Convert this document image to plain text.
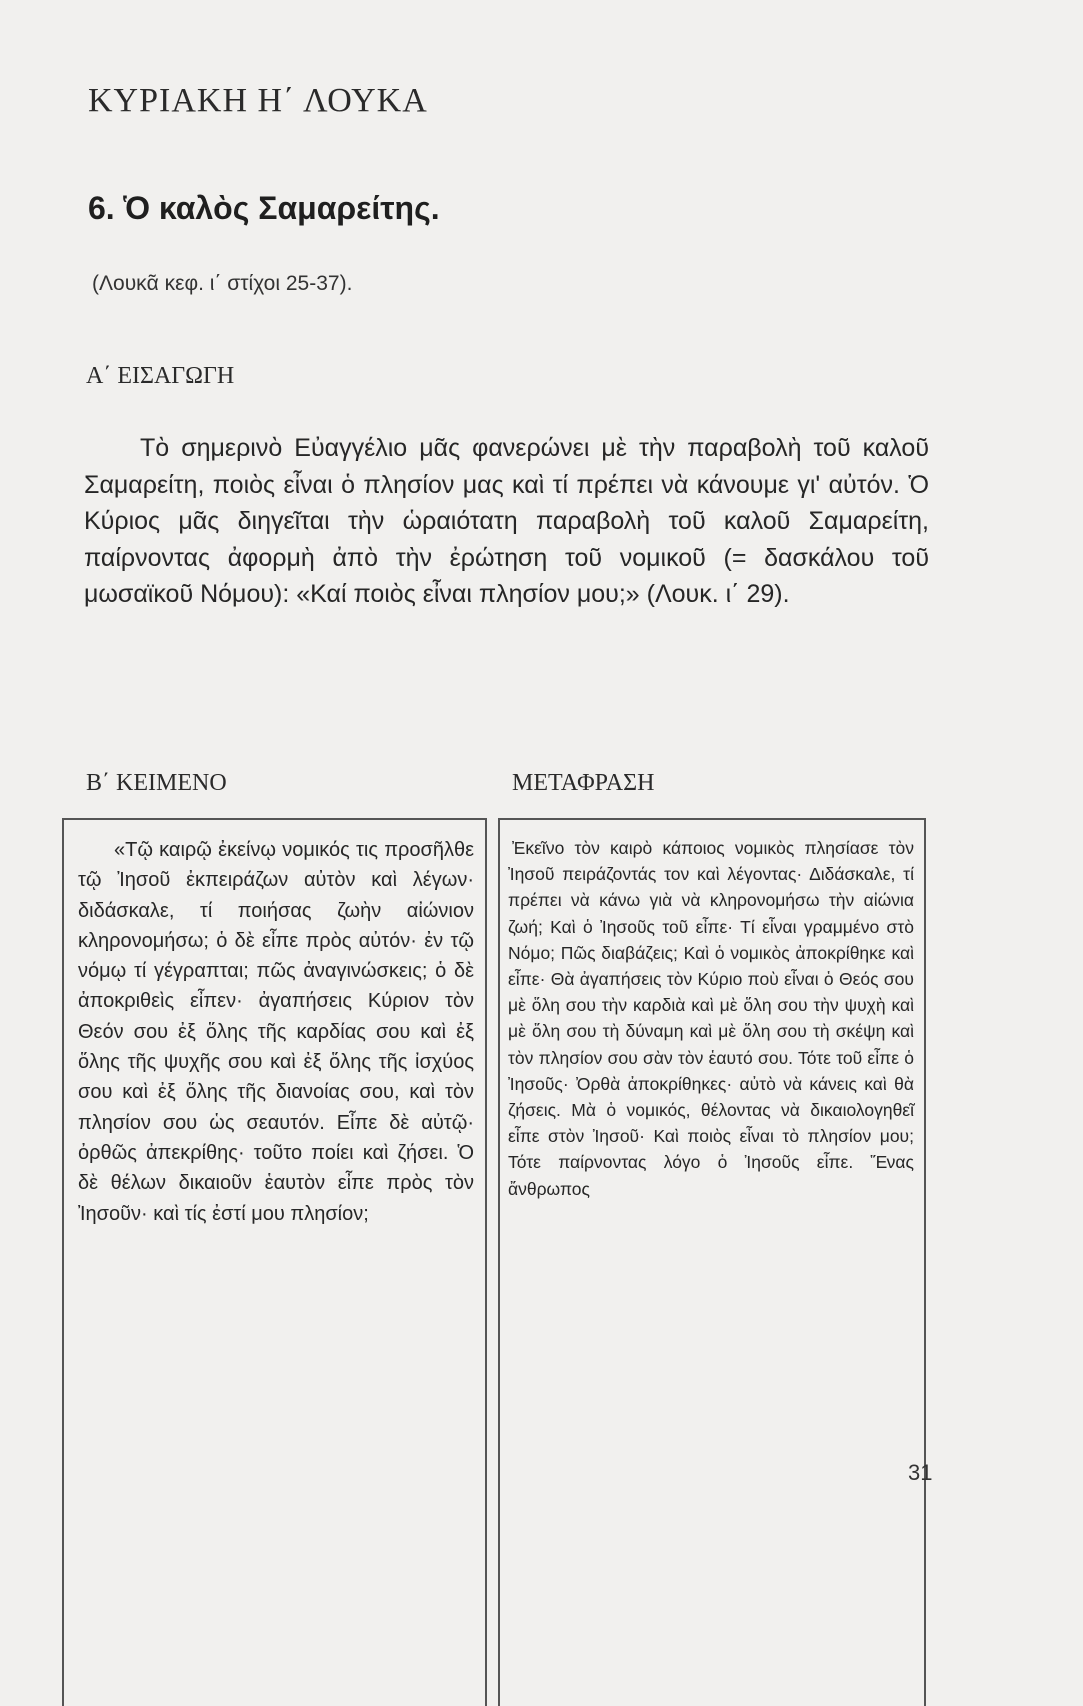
ΚΥΡΙΑΚΗ Η΄ ΛΟΥΚΑ
6. Ὁ καλὸς Σαμαρείτης.
(Λουκᾶ κεφ. ι΄ στίχοι 25-37).
Α΄ ΕΙΣΑΓΩΓΗ

Τὸ σημερινὸ Εὐαγγέλιο μᾶς φανερώνει μὲ τὴν παραβολὴ τοῦ καλοῦ Σαμαρείτη, ποιὸς εἶναι ὁ πλησίον μας καὶ τί πρέπει νὰ κάνουμε γι' αὐτόν. Ὁ Κύριος μᾶς διηγεῖται τὴν ὡραιότατη παραβολὴ τοῦ καλοῦ Σαμαρείτη, παίρνοντας ἀφορμὴ ἀπὸ τὴν ἐρώτηση τοῦ νομικοῦ (= δασκάλου τοῦ μωσαϊκοῦ Νόμου): «Καί ποιὸς εἶναι πλησίον μου;» (Λουκ. ι΄ 29).

Β΄ ΚΕΙΜΕΝΟ	ΜΕΤΑΦΡΑΣΗ

«Τῷ καιρῷ ἐκείνῳ νομικός τις προσῆλθε τῷ Ἰησοῦ ἐκπειράζων αὐτὸν καὶ λέγων· διδάσκαλε, τί ποιήσας ζωὴν αἰώνιον κληρονομήσω; ὁ δὲ εἶπε πρὸς αὐτόν· ἐν τῷ νόμῳ τί γέγραπται; πῶς ἀναγινώσκεις; ὁ δὲ ἀποκριθεὶς εἶπεν· ἀγαπήσεις Κύριον τὸν Θεόν σου ἐξ ὅλης τῆς καρδίας σου καὶ ἐξ ὅλης τῆς ψυχῆς σου καὶ ἐξ ὅλης τῆς ἰσχύος σου καὶ ἐξ ὅλης τῆς διανοίας σου, καὶ τὸν πλησίον σου ὡς σεαυτόν. Εἶπε δὲ αὐτῷ· ὀρθῶς ἀπεκρίθης· τοῦτο ποίει καὶ ζήσει. Ὁ δὲ θέλων δικαιοῦν ἑαυτὸν εἶπε πρὸς τὸν Ἰησοῦν· καὶ τίς ἐστί μου πλησίον;

Ἐκεῖνο τὸν καιρὸ κάποιος νομικὸς πλησίασε τὸν Ἰησοῦ πειράζοντάς τον καὶ λέγοντας· Διδάσκαλε, τί πρέπει νὰ κάνω γιὰ νὰ κληρονομήσω τὴν αἰώνια ζωή; Καὶ ὁ Ἰησοῦς τοῦ εἶπε· Τί εἶναι γραμμένο στὸ Νόμο; Πῶς διαβάζεις; Καὶ ὁ νομικὸς ἀποκρίθηκε καὶ εἶπε· Θὰ ἀγαπήσεις τὸν Κύριο ποὺ εἶναι ὁ Θεός σου μὲ ὅλη σου τὴν καρδιὰ καὶ μὲ ὅλη σου τὴν ψυχὴ καὶ μὲ ὅλη σου τὴ δύναμη καὶ μὲ ὅλη σου τὴ σκέψη καὶ τὸν πλησίον σου σὰν τὸν ἑαυτό σου. Τότε τοῦ εἶπε ὁ Ἰησοῦς· Ὀρθὰ ἀποκρίθηκες· αὐτὸ νὰ κάνεις καὶ θὰ ζήσεις. Μὰ ὁ νομικός, θέλοντας νὰ δικαιολογηθεῖ εἶπε στὸν Ἰησοῦ· Καὶ ποιὸς εἶναι τὸ πλησίον μου; Τότε παίρνοντας λόγο ὁ Ἰησοῦς εἶπε. Ἕνας ἄνθρωπος

31
